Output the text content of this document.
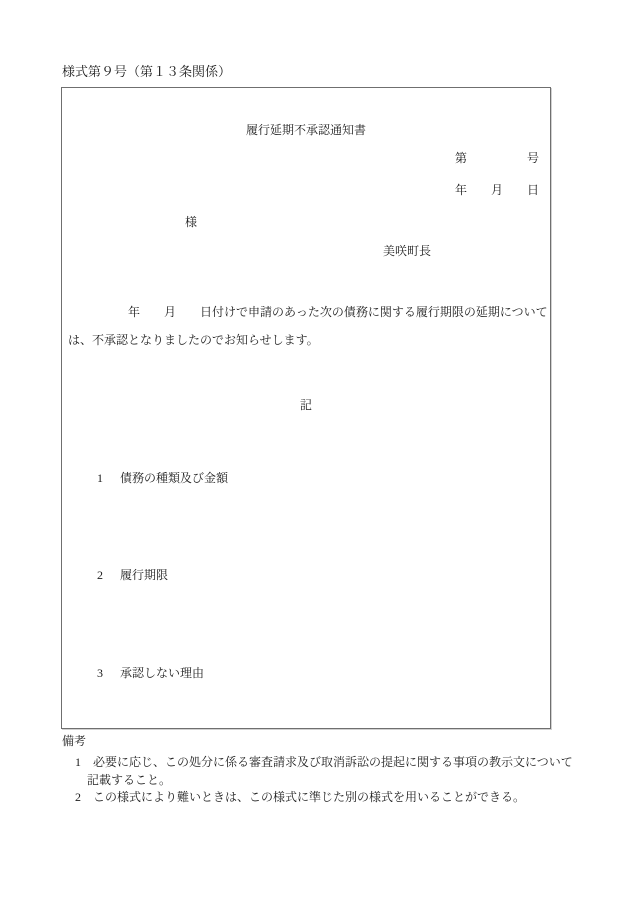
様式第９号（第１３条関係）
履行延期不承認通知書
第　　　　　号
年　　月　　日
様
美咲町長
　　　　　年　　月　　日付けで申請のあった次の債務に関する履行期限の延期について
は、不承認となりましたのでお知らせします。
記

1 債務の種類及び金額

2 履行期限

3 承認しない理由

備考
1　必要に応じ、この処分に係る審査請求及び取消訴訟の提起に関する事項の教示文について
　記載すること。
2　この様式により難いときは、この様式に準じた別の様式を用いることができる。
